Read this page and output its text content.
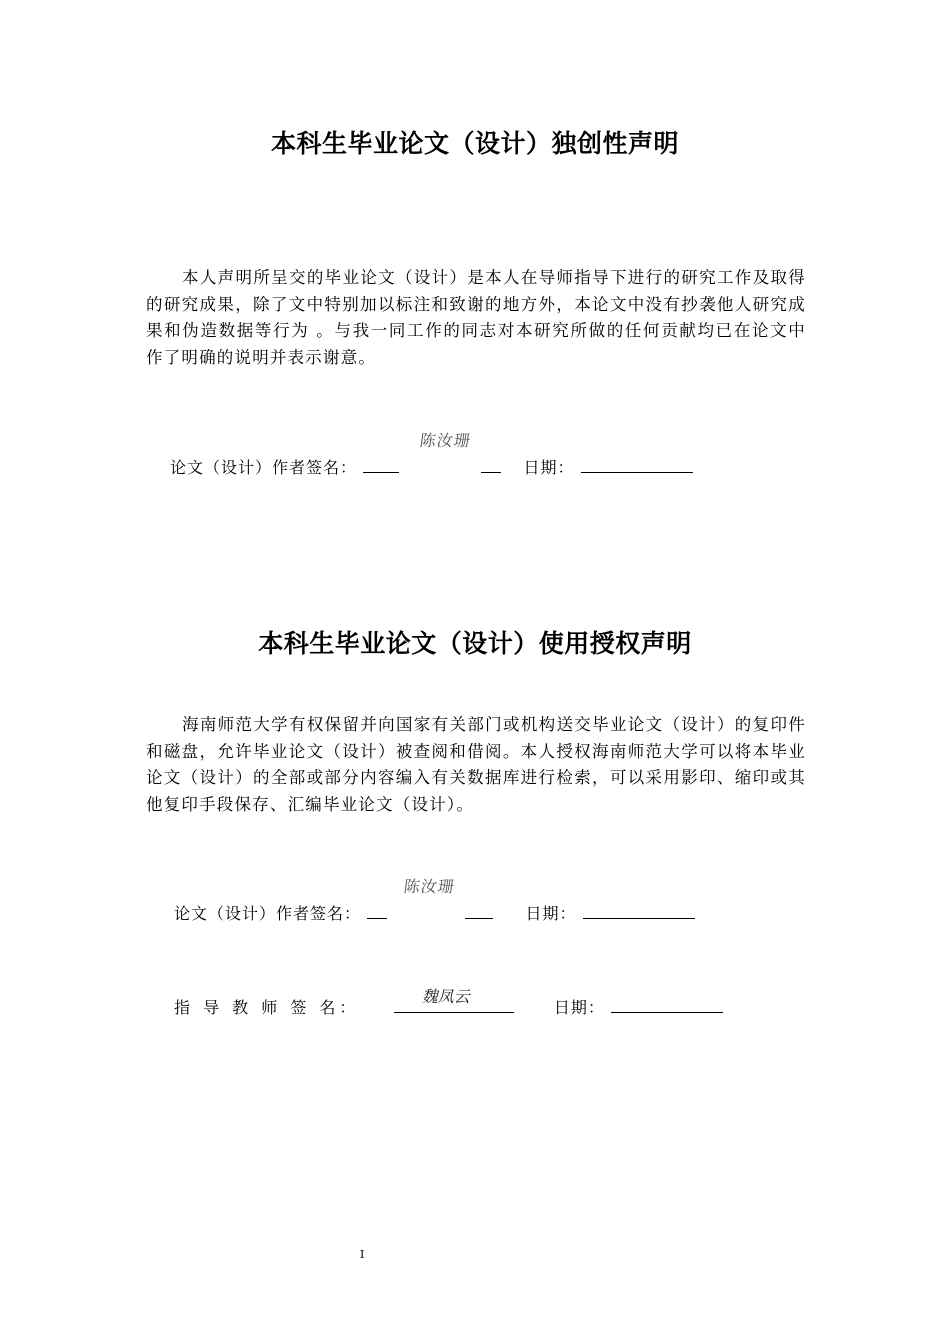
本科生毕业论文（设计）独创性声明
本人声明所呈交的毕业论文（设计）是本人在导师指导下进行的研究工作及取得的研究成果，除了文中特别加以标注和致谢的地方外，本论文中没有抄袭他人研究成果和伪造数据等行为 。与我一同工作的同志对本研究所做的任何贡献均已在论文中作了明确的说明并表示谢意。
陈汝珊
论文（设计）作者签名：	日期：
本科生毕业论文（设计）使用授权声明
海南师范大学有权保留并向国家有关部门或机构送交毕业论文（设计）的复印件和磁盘，允许毕业论文（设计）被查阅和借阅。本人授权海南师范大学可以将本毕业论文（设计）的全部或部分内容编入有关数据库进行检索，可以采用影印、缩印或其他复印手段保存、汇编毕业论文（设计）。
陈汝珊
论文（设计）作者签名：	日期：
指 导 教 师 签 名：
魏凤云
日期：
I
